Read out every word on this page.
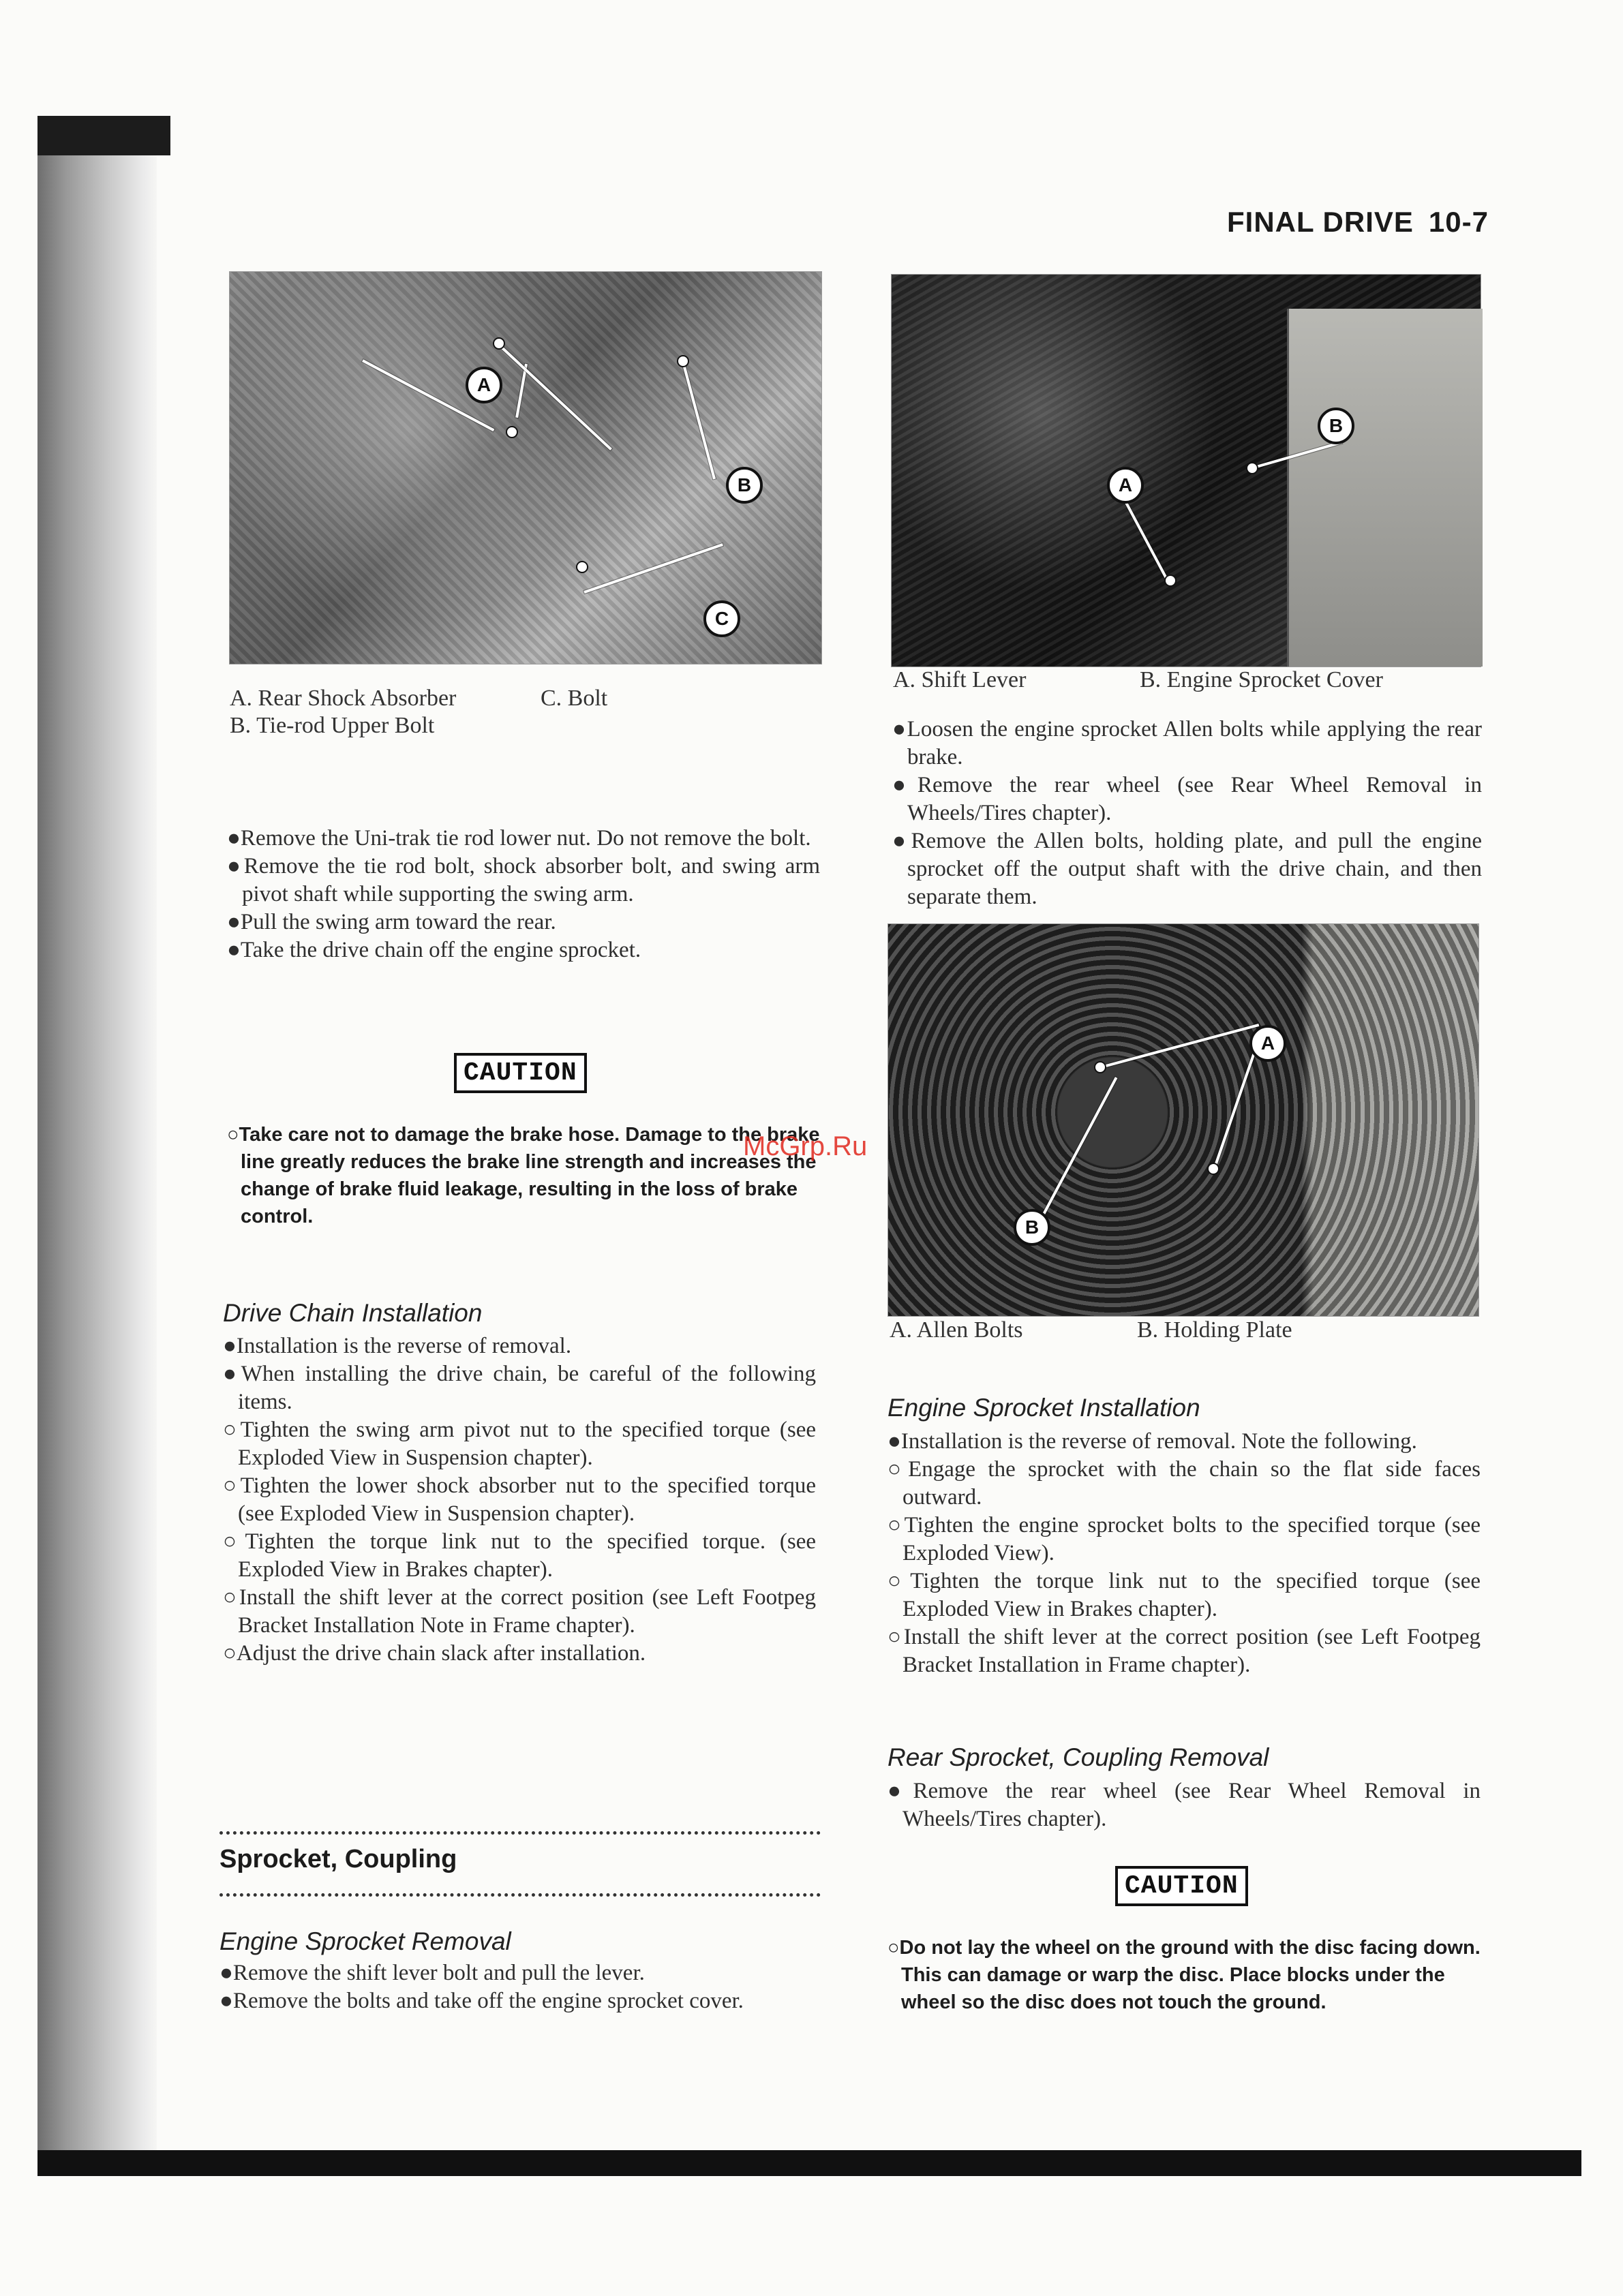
FINAL DRIVE 10-7
A
B
C
A. Rear Shock Absorber
B. Tie-rod Upper Bolt
C. Bolt

●Remove the Uni-trak tie rod lower nut. Do not remove the bolt.

●Remove the tie rod bolt, shock absorber bolt, and swing arm pivot shaft while supporting the swing arm.

●Pull the swing arm toward the rear.

●Take the drive chain off the engine sprocket.

CAUTION

○Take care not to damage the brake hose. Damage to the brake line greatly reduces the brake line strength and increases the change of brake fluid leakage, resulting in the loss of brake control.

McGrp.Ru
Drive Chain Installation

●Installation is the reverse of removal.

●When installing the drive chain, be careful of the following items.

○Tighten the swing arm pivot nut to the specified torque (see Exploded View in Suspension chapter).

○Tighten the lower shock absorber nut to the specified torque (see Exploded View in Suspension chapter).

○Tighten the torque link nut to the specified torque. (see Exploded View in Brakes chapter).

○Install the shift lever at the correct position (see Left Footpeg Bracket Installation Note in Frame chapter).

○Adjust the drive chain slack after installation.

Sprocket, Coupling
Engine Sprocket Removal

●Remove the shift lever bolt and pull the lever.

●Remove the bolts and take off the engine sprocket cover.

A
B
A. Shift Lever	B. Engine Sprocket Cover

●Loosen the engine sprocket Allen bolts while applying the rear brake.

●Remove the rear wheel (see Rear Wheel Removal in Wheels/Tires chapter).

●Remove the Allen bolts, holding plate, and pull the engine sprocket off the output shaft with the drive chain, and then separate them.

A
B
A. Allen Bolts	B. Holding Plate
Engine Sprocket Installation

●Installation is the reverse of removal. Note the following.

○Engage the sprocket with the chain so the flat side faces outward.

○Tighten the engine sprocket bolts to the specified torque (see Exploded View).

○Tighten the torque link nut to the specified torque (see Exploded View in Brakes chapter).

○Install the shift lever at the correct position (see Left Footpeg Bracket Installation in Frame chapter).

Rear Sprocket, Coupling Removal

●Remove the rear wheel (see Rear Wheel Removal in Wheels/Tires chapter).

CAUTION

○Do not lay the wheel on the ground with the disc facing down. This can damage or warp the disc. Place blocks under the wheel so the disc does not touch the ground.
